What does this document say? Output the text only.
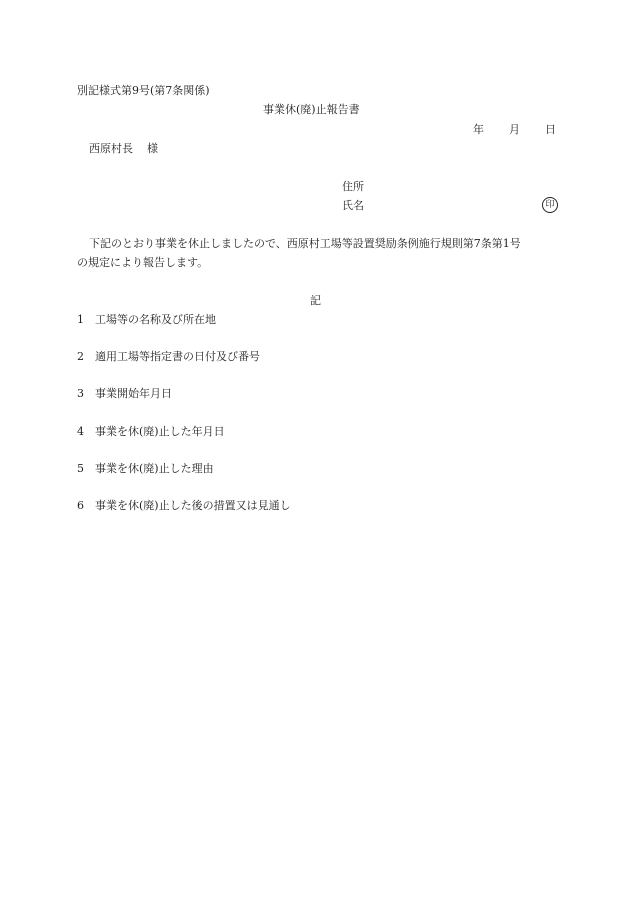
別記様式第9号(第7条関係)
事業休(廃)止報告書
年 月 日
西原村長 様
住所
氏名	印
下記のとおり事業を休止しましたので、西原村工場等設置奨励条例施行規則第7条第1号
の規定により報告します。
記
1 工場等の名称及び所在地
2 適用工場等指定書の日付及び番号
3 事業開始年月日
4 事業を休(廃)止した年月日
5 事業を休(廃)止した理由
6 事業を休(廃)止した後の措置又は見通し
